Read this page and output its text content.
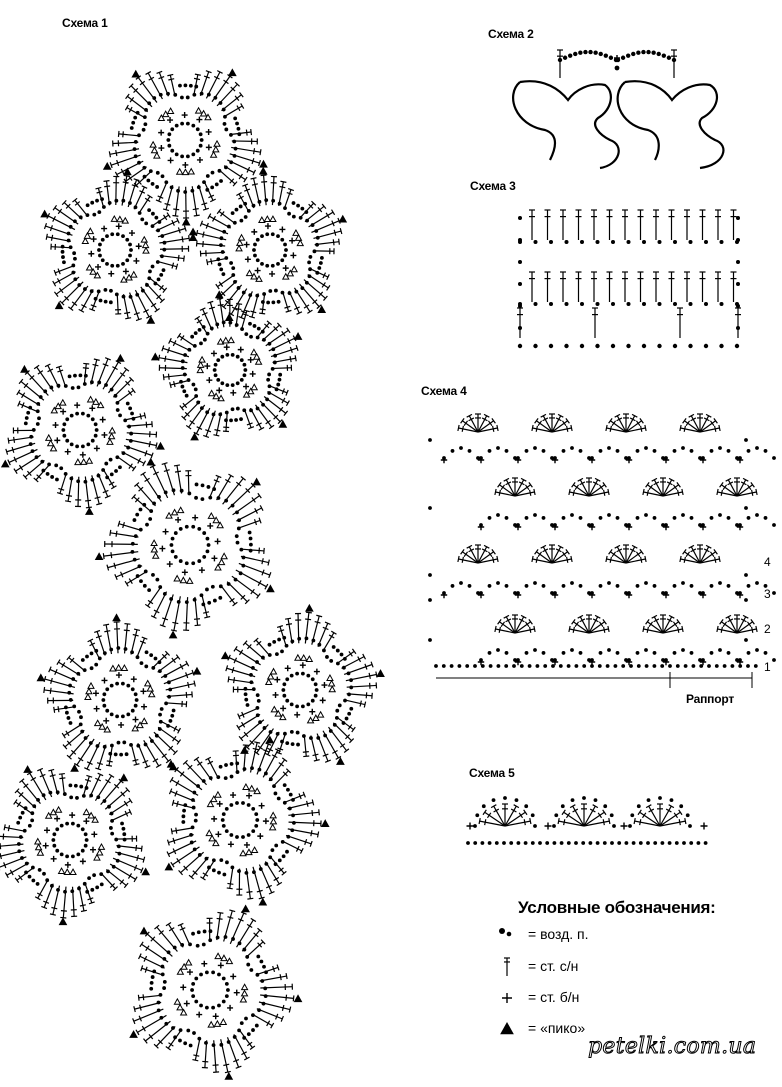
Схема 1
Схема 2
Схема 3
Схема 4
Схема 5
4
3
2
1
Раппорт
Условные обозначения:
= возд. п.
= ст. с/н
= ст. б/н
= «пико»
petelki.com.ua
